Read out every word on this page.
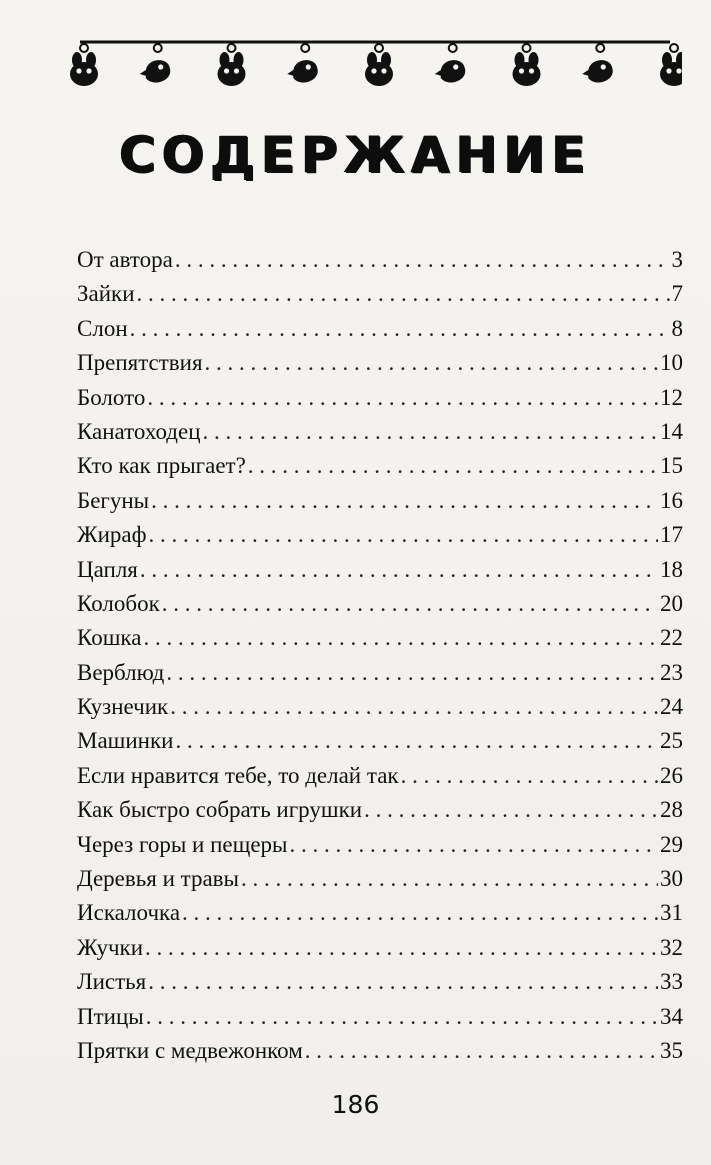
СОДЕРЖАНИЕ
От автора . . .	3
Зайки . . .	7
Слон . . .	8
Препятствия . . .	10
Болото . . .	12
Канатоходец . . .	14
Кто как прыгает? . . .	15
Бегуны . . .	16
Жираф . . .	17
Цапля . . .	18
Колобок . . .	20
Кошка . . .	22
Верблюд . . .	23
Кузнечик . . .	24
Машинки . . .	25
Если нравится тебе, то делай так . . .	26
Как быстро собрать игрушки . . .	28
Через горы и пещеры . . .	29
Деревья и травы . . .	30
Искалочка . . .	31
Жучки . . .	32
Листья . . .	33
Птицы . . .	34
Прятки с медвежонком . . .	35
186
